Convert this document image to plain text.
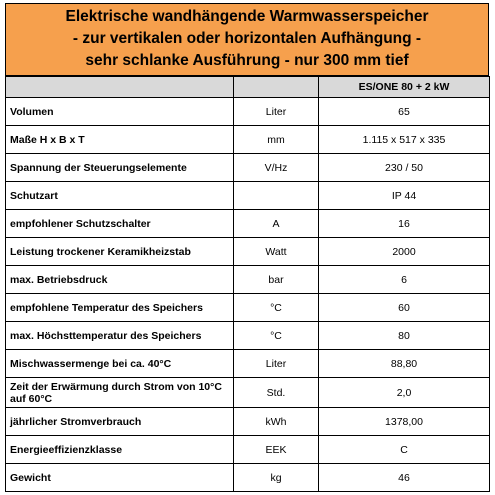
Elektrische wandhängende Warmwasserspeicher
- zur vertikalen oder horizontalen Aufhängung -
sehr schlanke Ausführung - nur 300 mm tief
		ES/ONE 80 + 2 kW
Volumen	Liter	65
Maße H x B x T	mm	1.115 x 517 x 335
Spannung der Steuerungselemente	V/Hz	230 / 50
Schutzart		IP 44
empfohlener Schutzschalter	A	16
Leistung trockener Keramikheizstab	Watt	2000
max. Betriebsdruck	bar	6
empfohlene Temperatur des Speichers	°C	60
max. Höchsttemperatur des Speichers	°C	80
Mischwassermenge bei ca. 40°C	Liter	88,80
Zeit der Erwärmung durch Strom von 10°C auf 60°C	Std.	2,0
jährlicher Stromverbrauch	kWh	1378,00
Energieeffizienzklasse	EEK	C
Gewicht	kg	46
